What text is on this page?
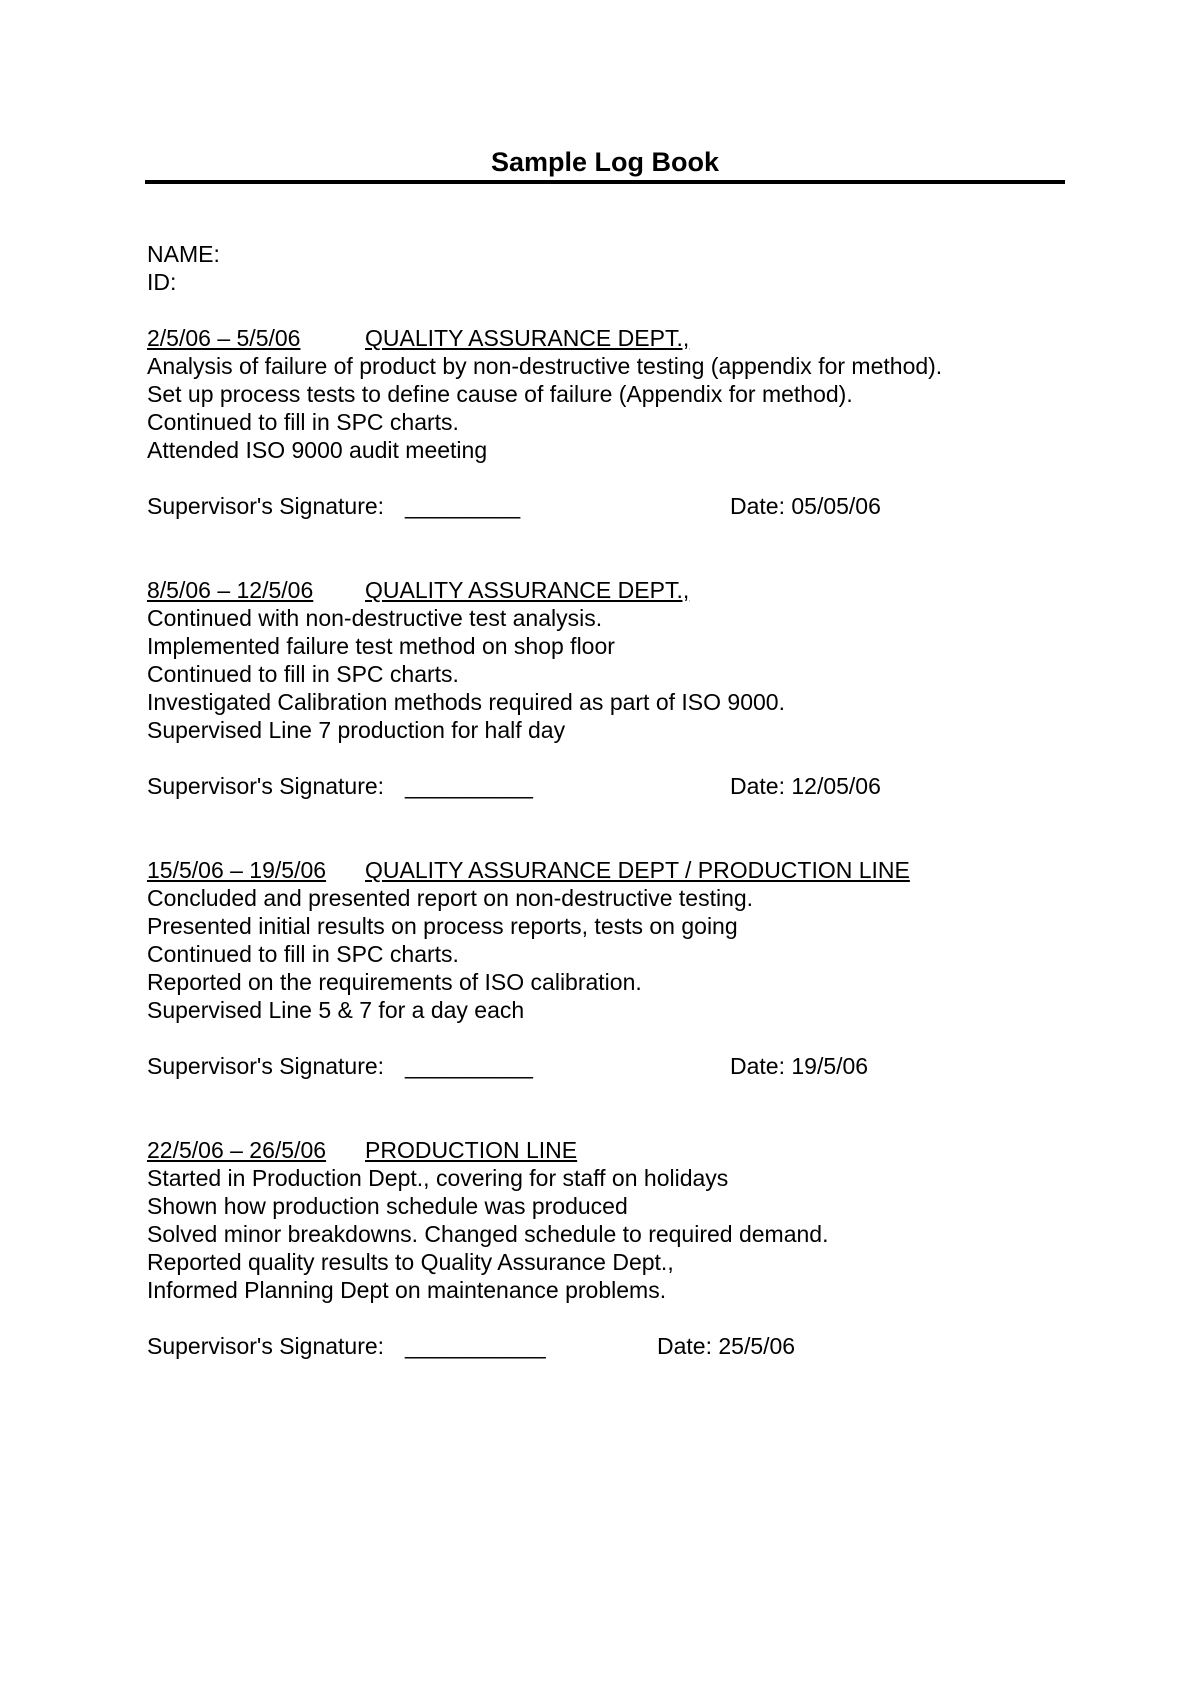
Sample Log Book
NAME:
ID:
2/5/06 – 5/5/06	QUALITY ASSURANCE DEPT.,
Analysis of failure of product by non-destructive testing (appendix for method).
Set up process tests to define cause of failure (Appendix for method).
Continued to fill in SPC charts.
Attended ISO 9000 audit meeting
Supervisor's Signature: _________	Date: 05/05/06
8/5/06 – 12/5/06 QUALITY ASSURANCE DEPT.,
Continued with non-destructive test analysis.
Implemented failure test method on shop floor
Continued to fill in SPC charts.
Investigated Calibration methods required as part of ISO 9000.
Supervised Line 7 production for half day
Supervisor's Signature: __________	Date: 12/05/06
15/5/06 – 19/5/06 QUALITY ASSURANCE DEPT / PRODUCTION LINE
Concluded and presented report on non-destructive testing.
Presented initial results on process reports, tests on going
Continued to fill in SPC charts.
Reported on the requirements of ISO calibration.
Supervised Line 5 & 7 for a day each
Supervisor's Signature: __________	Date: 19/5/06
22/5/06 – 26/5/06 PRODUCTION LINE
Started in Production Dept., covering for staff on holidays
Shown how production schedule was produced
Solved minor breakdowns. Changed schedule to required demand.
Reported quality results to Quality Assurance Dept.,
Informed Planning Dept on maintenance problems.
Supervisor's Signature: ___________	Date: 25/5/06
